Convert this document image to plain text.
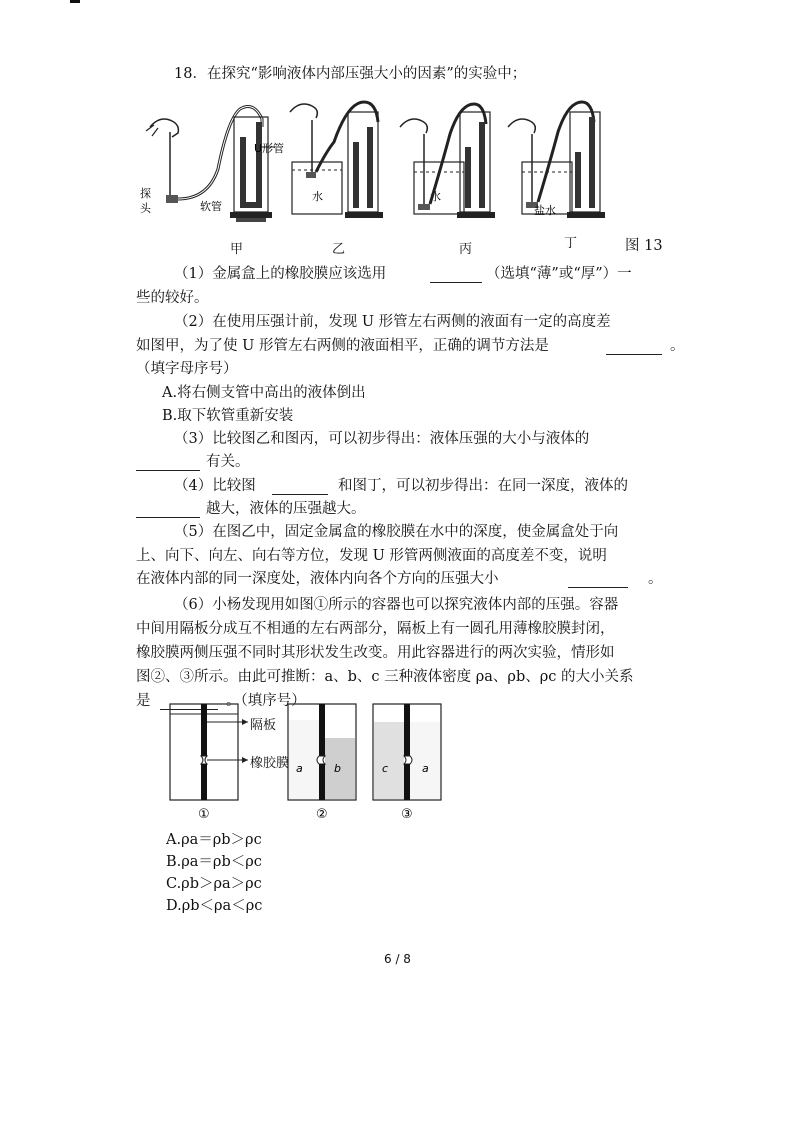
18．在探究“影响液体内部压强大小的因素”的实验中；
探
头	软管
U形管
水	水
盐水
甲	乙	丙	丁	图 13
（1）金属盒上的橡胶膜应该选用	（选填“薄”或“厚”）一
些的较好。
（2）在使用压强计前，发现 U 形管左右两侧的液面有一定的高度差
如图甲，为了使 U 形管左右两侧的液面相平，正确的调节方法是	。
（填字母序号）
A.将右侧支管中高出的液体倒出
B.取下软管重新安装
（3）比较图乙和图丙，可以初步得出：液体压强的大小与液体的
有关。
（4）比较图	和图丁，可以初步得出：在同一深度，液体的
越大，液体的压强越大。
（5）在图乙中，固定金属盒的橡胶膜在水中的深度，使金属盒处于向
上、向下、向左、向右等方位，发现 U 形管两侧液面的高度差不变，说明
在液体内部的同一深度处，液体内向各个方向的压强大小	。
（6）小杨发现用如图①所示的容器也可以探究液体内部的压强。容器
中间用隔板分成互不相通的左右两部分，隔板上有一圆孔用薄橡胶膜封闭，
橡胶膜两侧压强不同时其形状发生改变。用此容器进行的两次实验，情形如
图②、③所示。由此可推断：a、b、c 三种液体密度 ρa、ρb、ρc 的大小关系
是	。（填序号）
a	b	c	a
①	②	③
隔板
橡胶膜
A.ρa＝ρb＞ρc
B.ρa＝ρb＜ρc
C.ρb＞ρa＞ρc
D.ρb＜ρa＜ρc
6 / 8
